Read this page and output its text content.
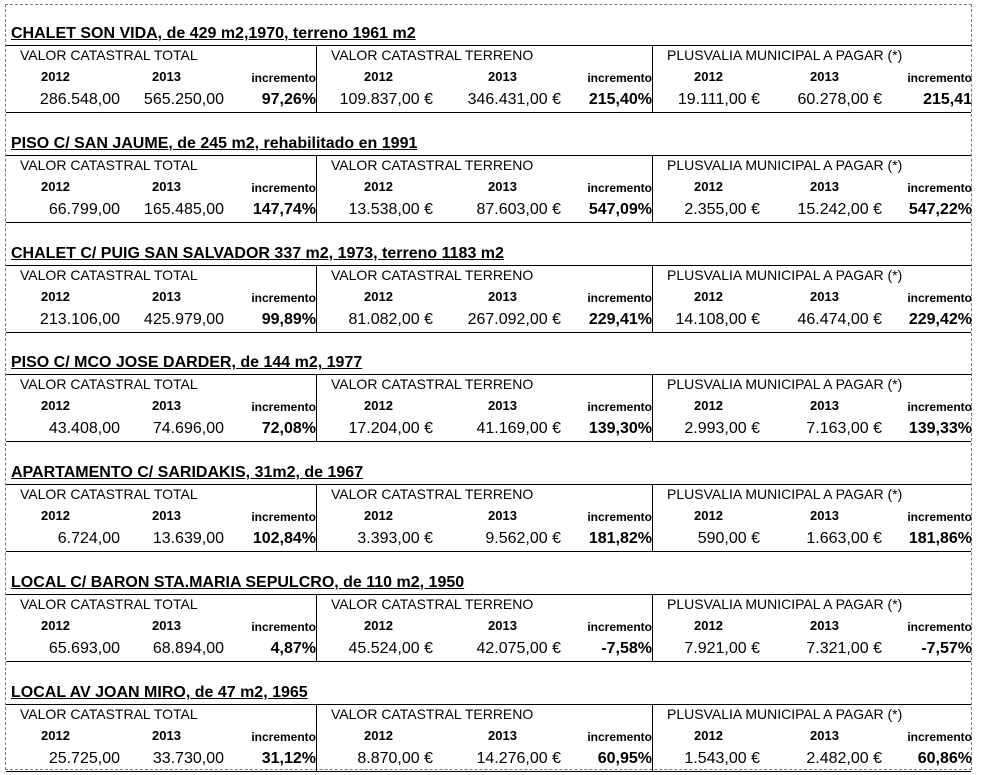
CHALET SON VIDA, de 429 m2,1970, terreno 1961 m2
VALOR CATASTRAL TOTAL
2012	2013	incremento
286.548,00 565.250,00 97,26%
VALOR CATASTRAL TERRENO
2012	2013	incremento
109.837,00 € 346.431,00 € 215,40%
PLUSVALIA MUNICIPAL A PAGAR (*)
2012	2013	incremento
19.111,00 € 60.278,00 €	215,41
PISO C/ SAN JAUME, de 245 m2, rehabilitado en 1991
VALOR CATASTRAL TOTAL
2012	2013	incremento
66.799,00 165.485,00 147,74%
VALOR CATASTRAL TERRENO
2012	2013	incremento
13.538,00 €	87.603,00 € 547,09%
PLUSVALIA MUNICIPAL A PAGAR (*)
2012	2013	incremento
2.355,00 € 15.242,00 € 547,22%
CHALET C/ PUIG SAN SALVADOR 337 m2, 1973, terreno 1183 m2
VALOR CATASTRAL TOTAL
2012	2013	incremento
213.106,00 425.979,00 99,89%
VALOR CATASTRAL TERRENO
2012	2013	incremento
81.082,00 € 267.092,00 € 229,41%
PLUSVALIA MUNICIPAL A PAGAR (*)
2012	2013	incremento
14.108,00 € 46.474,00 € 229,42%
PISO C/ MCO JOSE DARDER, de 144 m2, 1977
VALOR CATASTRAL TOTAL
2012	2013	incremento
43.408,00 74.696,00 72,08%
VALOR CATASTRAL TERRENO
2012	2013	incremento
17.204,00 €	41.169,00 € 139,30%
PLUSVALIA MUNICIPAL A PAGAR (*)
2012	2013	incremento
2.993,00 €	7.163,00 € 139,33%
APARTAMENTO C/ SARIDAKIS, 31m2, de 1967
VALOR CATASTRAL TOTAL
2012	2013	incremento
6.724,00 13.639,00 102,84%
VALOR CATASTRAL TERRENO
2012	2013	incremento
3.393,00 €	9.562,00 € 181,82%
PLUSVALIA MUNICIPAL A PAGAR (*)
2012	2013	incremento
590,00 €	1.663,00 € 181,86%
LOCAL C/ BARON STA.MARIA SEPULCRO, de 110 m2, 1950
VALOR CATASTRAL TOTAL
2012	2013	incremento
65.693,00 68.894,00	4,87%
VALOR CATASTRAL TERRENO
2012	2013	incremento
45.524,00 €	42.075,00 €	-7,58%
PLUSVALIA MUNICIPAL A PAGAR (*)
2012	2013	incremento
7.921,00 €	7.321,00 € -7,57%
LOCAL AV JOAN MIRO, de 47 m2, 1965
VALOR CATASTRAL TOTAL
2012	2013	incremento
25.725,00 33.730,00 31,12%
VALOR CATASTRAL TERRENO
2012	2013	incremento
8.870,00 €	14.276,00 € 60,95%
PLUSVALIA MUNICIPAL A PAGAR (*)
2012	2013	incremento
1.543,00 €	2.482,00 € 60,86%
